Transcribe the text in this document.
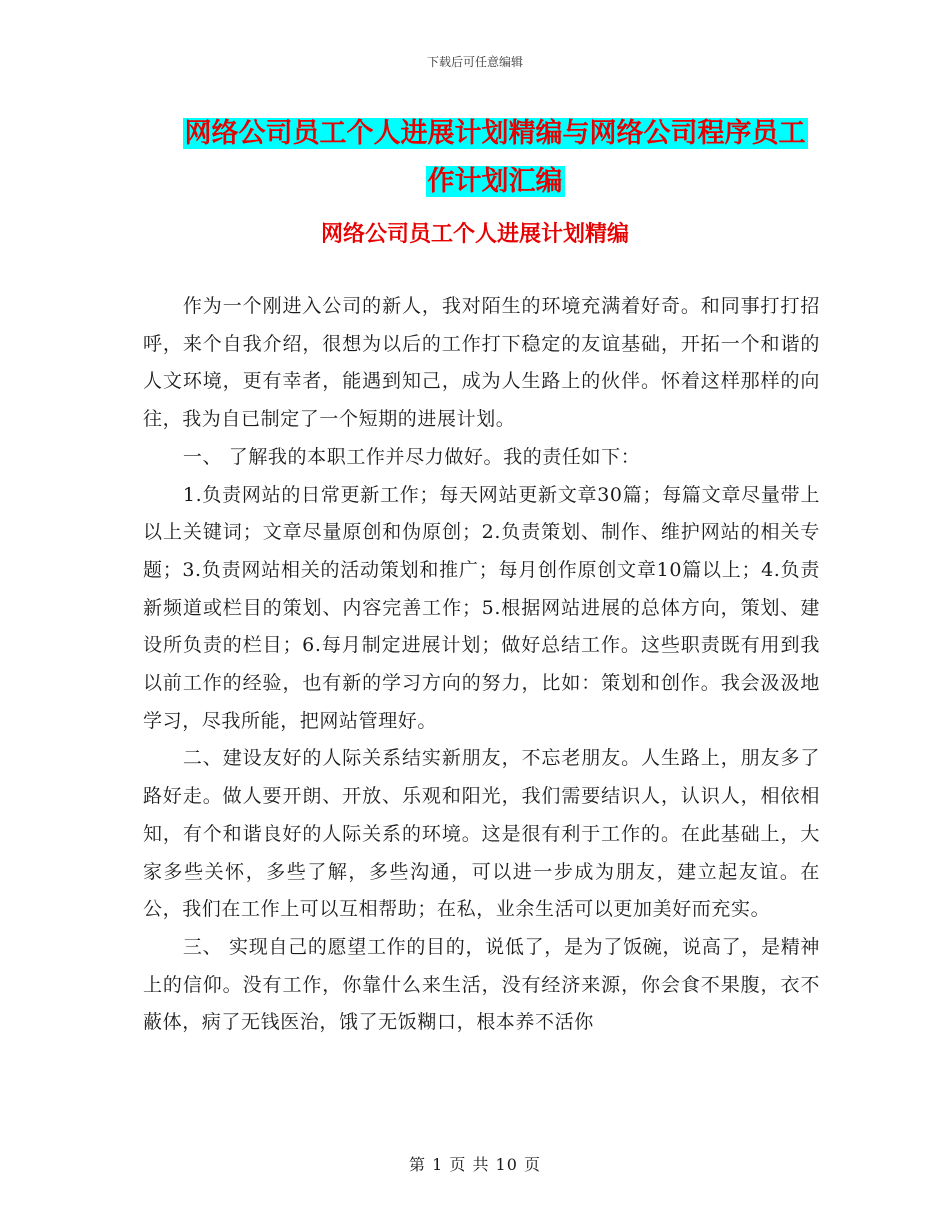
下载后可任意编辑
网络公司员工个人进展计划精编与网络公司程序员工
作计划汇编
网络公司员工个人进展计划精编

作为一个刚进入公司的新人，我对陌生的环境充满着好奇。和同事打打招呼，来个自我介绍，很想为以后的工作打下稳定的友谊基础，开拓一个和谐的人文环境，更有幸者，能遇到知己，成为人生路上的伙伴。怀着这样那样的向往，我为自已制定了一个短期的进展计划。

一、 了解我的本职工作并尽力做好。我的责任如下：

1.负责网站的日常更新工作；每天网站更新文章30篇；每篇文章尽量带上以上关键词；文章尽量原创和伪原创；2.负责策划、制作、维护网站的相关专题；3.负责网站相关的活动策划和推广；每月创作原创文章10篇以上；4.负责新频道或栏目的策划、内容完善工作；5.根据网站进展的总体方向，策划、建设所负责的栏目；6.每月制定进展计划；做好总结工作。这些职责既有用到我以前工作的经验，也有新的学习方向的努力，比如：策划和创作。我会汲汲地学习，尽我所能，把网站管理好。

二、建设友好的人际关系结实新朋友，不忘老朋友。人生路上，朋友多了路好走。做人要开朗、开放、乐观和阳光，我们需要结识人，认识人，相依相知，有个和谐良好的人际关系的环境。这是很有利于工作的。在此基础上，大家多些关怀，多些了解，多些沟通，可以进一步成为朋友，建立起友谊。在公，我们在工作上可以互相帮助；在私，业余生活可以更加美好而充实。

三、 实现自己的愿望工作的目的，说低了，是为了饭碗，说高了，是精神上的信仰。没有工作，你靠什么来生活，没有经济来源，你会食不果腹，衣不蔽体，病了无钱医治，饿了无饭糊口，根本养不活你

第 1 页 共 10 页
